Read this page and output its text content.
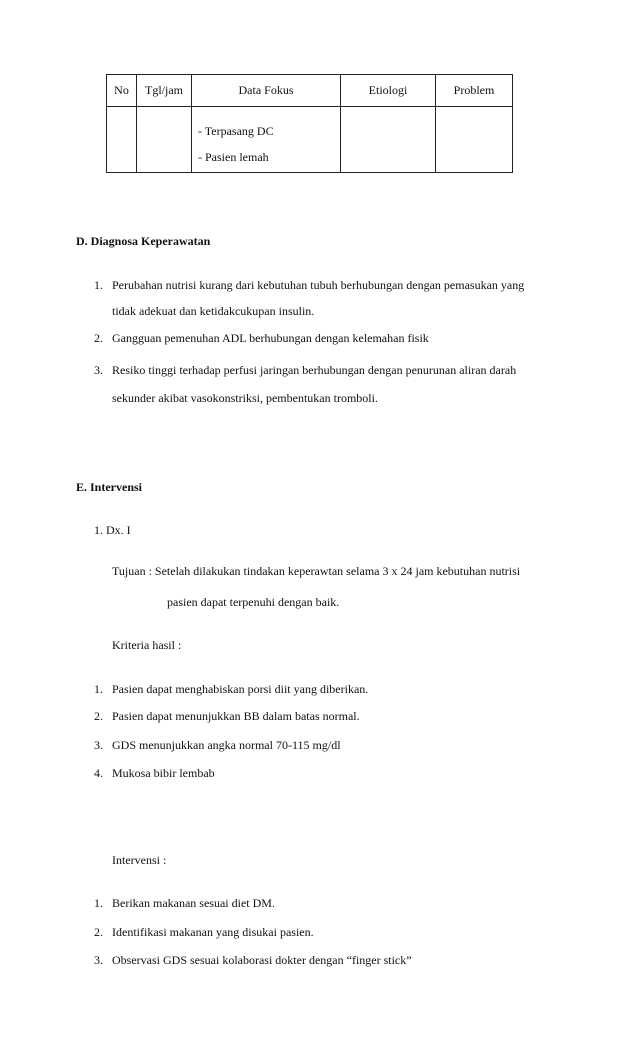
No	Tgl/jam	Data Fokus	Etiologi	Problem

		- Terpasang DC
- Pasien lemah		

D. Diagnosa Keperawatan
1. Perubahan nutrisi kurang dari kebutuhan tubuh berhubungan dengan pemasukan yang
tidak adekuat dan ketidakcukupan insulin.
2. Gangguan pemenuhan ADL berhubungan dengan kelemahan fisik
3. Resiko tinggi terhadap perfusi jaringan berhubungan dengan penurunan aliran darah
sekunder akibat vasokonstriksi, pembentukan tromboli.
E. Intervensi
1. Dx. I
Tujuan : Setelah dilakukan tindakan keperawtan selama 3 x 24 jam kebutuhan nutrisi
pasien dapat terpenuhi dengan baik.
Kriteria hasil :
1. Pasien dapat menghabiskan porsi diit yang diberikan.
2. Pasien dapat menunjukkan BB dalam batas normal.
3. GDS menunjukkan angka normal 70-115 mg/dl
4. Mukosa bibir lembab
Intervensi :
1. Berikan makanan sesuai diet DM.
2. Identifikasi makanan yang disukai pasien.
3. Observasi GDS sesuai kolaborasi dokter dengan “finger stick”
